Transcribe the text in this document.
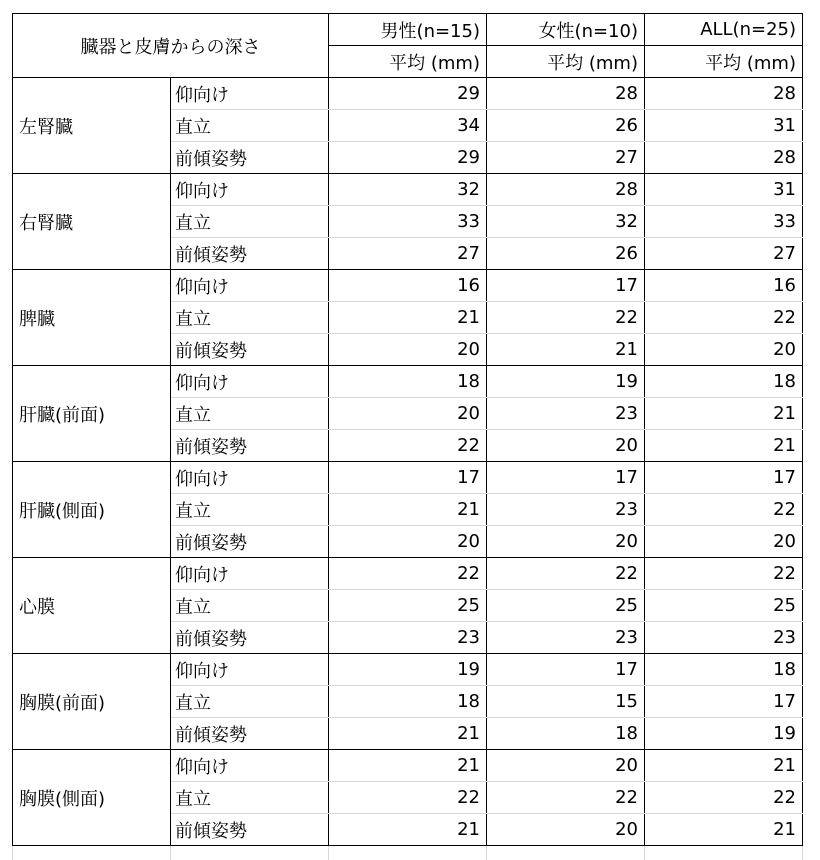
臓器と皮膚からの深さ		男性(n=15)	女性(n=10)	ALL(n=25)
		平均 (mm)	平均 (mm)	平均 (mm)
左腎臓	仰向け	29	28	28
	直立	34	26	31
	前傾姿勢	29	27	28
右腎臓	仰向け	32	28	31
	直立	33	32	33
	前傾姿勢	27	26	27
脾臓	仰向け	16	17	16
	直立	21	22	22
	前傾姿勢	20	21	20
肝臓(前面)	仰向け	18	19	18
	直立	20	23	21
	前傾姿勢	22	20	21
肝臓(側面)	仰向け	17	17	17
	直立	21	23	22
	前傾姿勢	20	20	20
心膜	仰向け	22	22	22
	直立	25	25	25
	前傾姿勢	23	23	23
胸膜(前面)	仰向け	19	17	18
	直立	18	15	17
	前傾姿勢	21	18	19
胸膜(側面)	仰向け	21	20	21
	直立	22	22	22
	前傾姿勢	21	20	21
